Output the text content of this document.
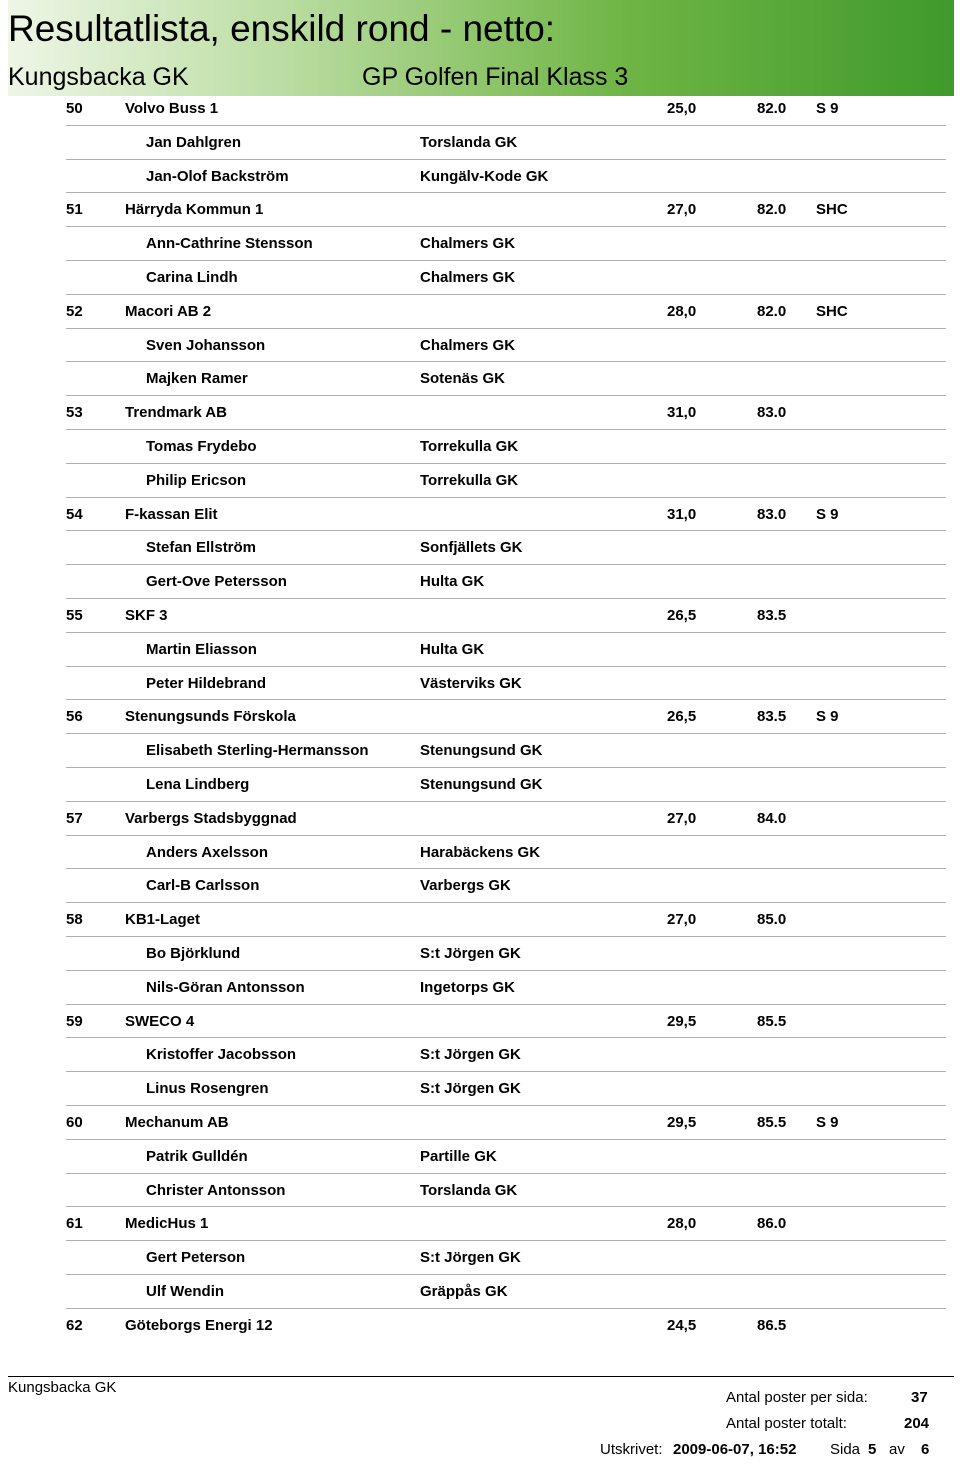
Resultatlista, enskild rond - netto:
Kungsbacka GK	GP Golfen Final Klass 3
50	Volvo Buss 1	25,0	82.0 S 9
Jan Dahlgren	Torslanda GK
Jan-Olof Backström	Kungälv-Kode GK
51	Härryda Kommun 1	27,0	82.0 SHC
Ann-Cathrine Stensson	Chalmers GK
Carina Lindh	Chalmers GK
52	Macori AB 2	28,0	82.0 SHC
Sven Johansson	Chalmers GK
Majken Ramer	Sotenäs GK
53	Trendmark AB	31,0	83.0
Tomas Frydebo	Torrekulla GK
Philip Ericson	Torrekulla GK
54	F-kassan Elit	31,0	83.0 S 9
Stefan Ellström	Sonfjällets GK
Gert-Ove Petersson	Hulta GK
55	SKF 3	26,5	83.5
Martin Eliasson	Hulta GK
Peter Hildebrand	Västerviks GK
56	Stenungsunds Förskola	26,5	83.5 S 9
Elisabeth Sterling-Hermansson	Stenungsund GK
Lena Lindberg	Stenungsund GK
57	Varbergs Stadsbyggnad	27,0	84.0
Anders Axelsson	Harabäckens GK
Carl-B Carlsson	Varbergs GK
58	KB1-Laget	27,0	85.0
Bo Björklund	S:t Jörgen GK
Nils-Göran Antonsson	Ingetorps GK
59	SWECO 4	29,5	85.5
Kristoffer Jacobsson	S:t Jörgen GK
Linus Rosengren	S:t Jörgen GK
60	Mechanum AB	29,5	85.5 S 9
Patrik Gulldén	Partille GK
Christer Antonsson	Torslanda GK
61	MedicHus 1	28,0	86.0
Gert Peterson	S:t Jörgen GK
Ulf Wendin	Gräppås GK
62	Göteborgs Energi 12	24,5	86.5
Kungsbacka GK
Antal poster per sida:	37
Antal poster totalt:	204
Utskrivet: 2009-06-07, 16:52 Sida 5 av 6
